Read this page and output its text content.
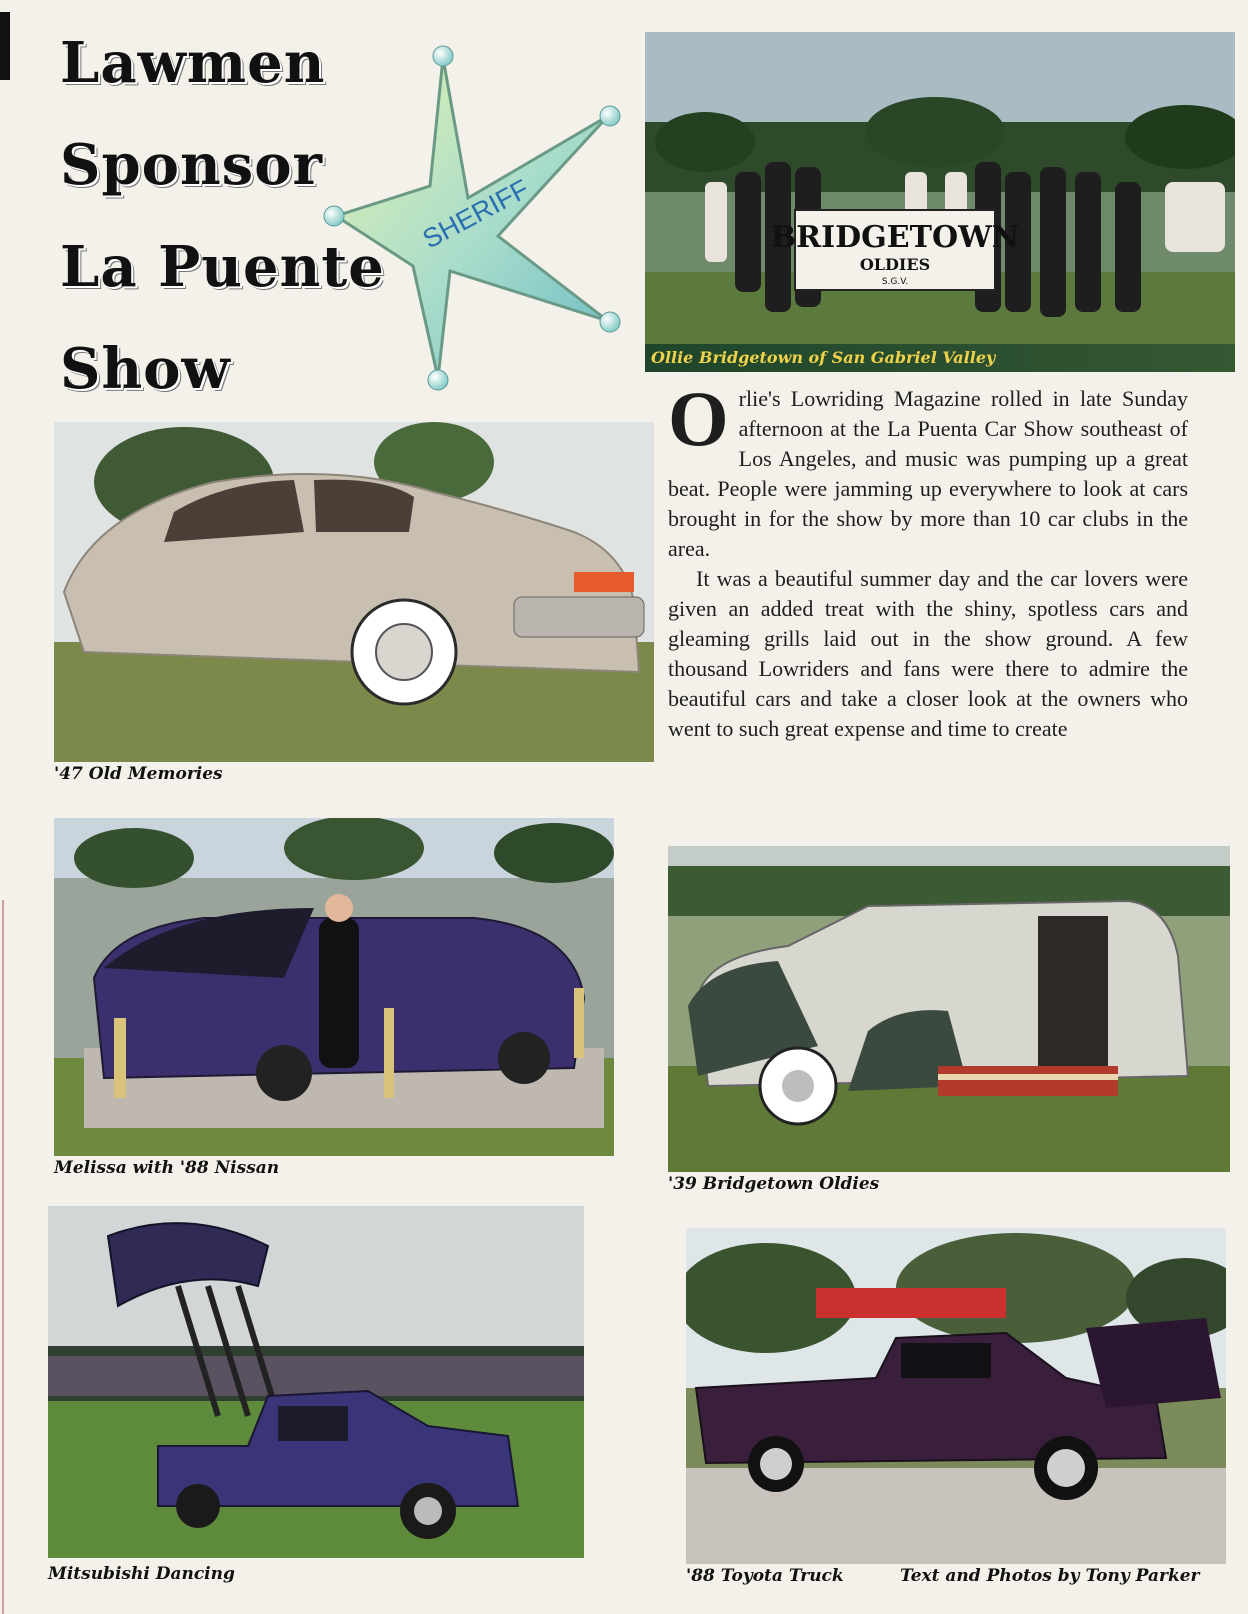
Lawmen
Sponsor
La Puente
Show
SHERIFF	BRIDGETOWN
OLDIES
S.G.V.
Ollie Bridgetown of San Gabriel Valley

'47 Old Memories

Orlie's Lowriding Magazine rolled in late Sunday afternoon at the La Puenta Car Show southeast of Los Angeles, and music was pumping up a great beat. People were jamming up everywhere to look at cars brought in for the show by more than 10 car clubs in the area.

It was a beautiful summer day and the car lovers were given an added treat with the shiny, spotless cars and gleaming grills laid out in the show ground. A few thousand Lowriders and fans were there to admire the beautiful cars and take a closer look at the owners who went to such great expense and time to create

Melissa with '88 Nissan

'39 Bridgetown Oldies

Mitsubishi Dancing	'88 Toyota Truck	Text and Photos by Tony Parker
